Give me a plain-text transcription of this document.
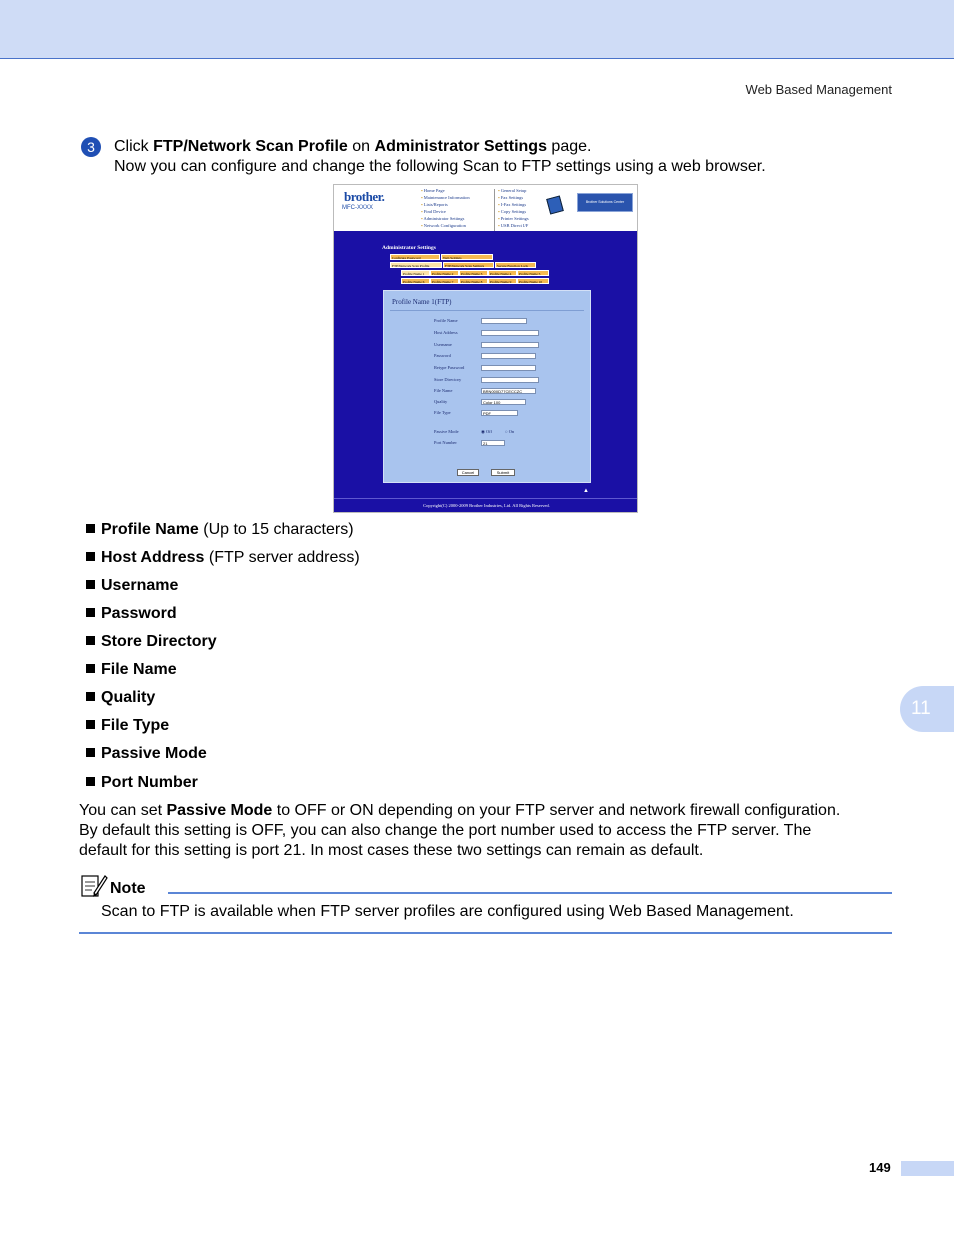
Web Based Management
3	Click FTP/Network Scan Profile on Administrator Settings page.
Now you can configure and change the following Scan to FTP settings using a web browser.
brother.
MFC-XXXX
▪ Home Page
▪ Maintenance Information
▪ Lists/Reports
▪ Find Device
▪ Administrator Settings
▪ Network Configuration
▪ General Setup
▪ Fax Settings
▪ I-Fax Settings
▪ Copy Settings
▪ Printer Settings
▪ USB Direct I/F
Brother Solutions Center
Administrator Settings
Configure Password	Web Settings
FTP/Network Scan Profile	FTP/Network Scan Settings	Secure Function Lock
Profile Name 1	Profile Name 2	Profile Name 3	Profile Name 4	Profile Name 5
Profile Name 6	Profile Name 7	Profile Name 8	Profile Name 9	Profile Name 10
Profile Name 1(FTP)
Profile Name
Host Address
Username
Password
Retype Password
Store Directory
File Name	BRN000D77CECCZC
Quality	Color 100
File Type	PDF
Passive Mode	◉ Off	○ On
Port Number	21
Cancel	Submit
▲
Copyright(C) 2000-2009 Brother Industries, Ltd. All Rights Reserved.
Profile Name (Up to 15 characters)
Host Address (FTP server address)
Username
Password
Store Directory
File Name
Quality
File Type
Passive Mode
Port Number
You can set Passive Mode to OFF or ON depending on your FTP server and network firewall configuration.
By default this setting is OFF, you can also change the port number used to access the FTP server. The
default for this setting is port 21. In most cases these two settings can remain as default.
11
Note
Scan to FTP is available when FTP server profiles are configured using Web Based Management.
149
